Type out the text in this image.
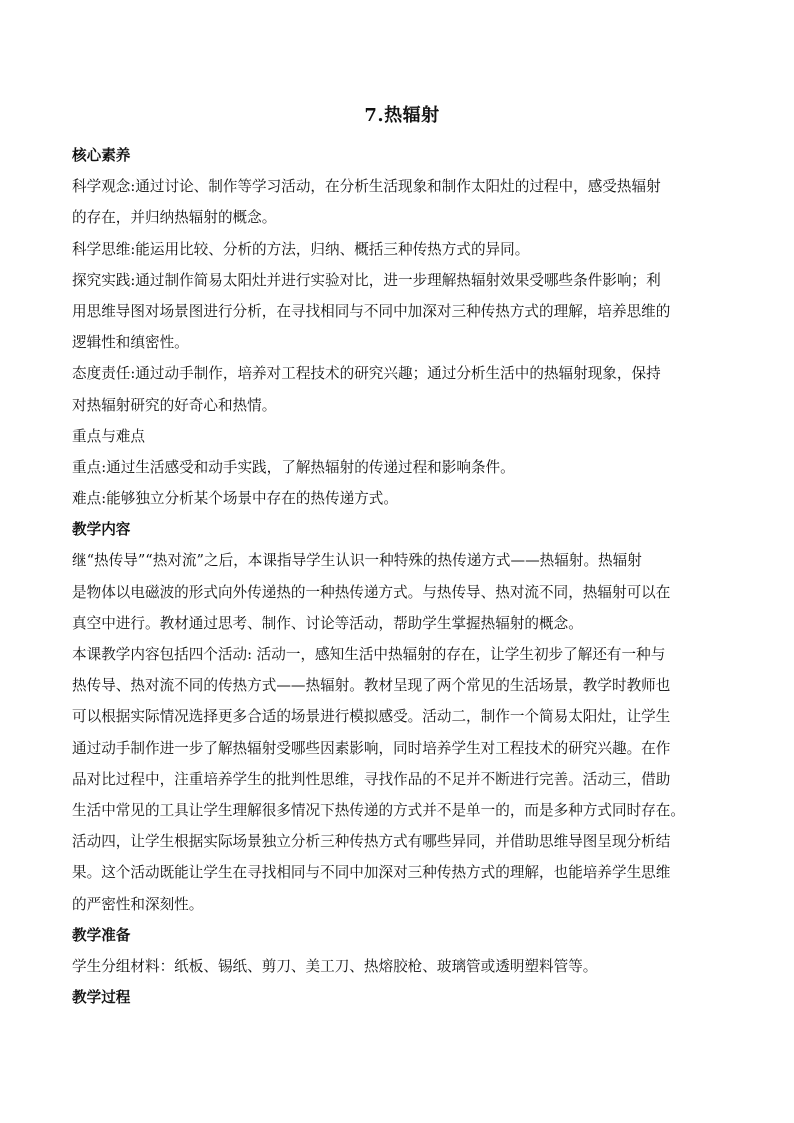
7.热辐射
核心素养
科学观念:通过讨论、制作等学习活动，在分析生活现象和制作太阳灶的过程中，感受热辐射
的存在，并归纳热辐射的概念。
科学思维:能运用比较、分析的方法，归纳、概括三种传热方式的异同。
探究实践:通过制作简易太阳灶并进行实验对比，进一步理解热辐射效果受哪些条件影响；利
用思维导图对场景图进行分析，在寻找相同与不同中加深对三种传热方式的理解，培养思维的
逻辑性和缜密性。
态度责任:通过动手制作，培养对工程技术的研究兴趣；通过分析生活中的热辐射现象，保持
对热辐射研究的好奇心和热情。
重点与难点
重点:通过生活感受和动手实践，了解热辐射的传递过程和影响条件。
难点:能够独立分析某个场景中存在的热传递方式。
教学内容
继“热传导”“热对流”之后，本课指导学生认识一种特殊的热传递方式——热辐射。热辐射
是物体以电磁波的形式向外传递热的一种热传递方式。与热传导、热对流不同，热辐射可以在
真空中进行。教材通过思考、制作、讨论等活动，帮助学生掌握热辐射的概念。
本课教学内容包括四个活动: 活动一，感知生活中热辐射的存在，让学生初步了解还有一种与
热传导、热对流不同的传热方式——热辐射。教材呈现了两个常见的生活场景，教学时教师也
可以根据实际情况选择更多合适的场景进行模拟感受。活动二，制作一个简易太阳灶，让学生
通过动手制作进一步了解热辐射受哪些因素影响，同时培养学生对工程技术的研究兴趣。在作
品对比过程中，注重培养学生的批判性思维，寻找作品的不足并不断进行完善。活动三，借助
生活中常见的工具让学生理解很多情况下热传递的方式并不是单一的，而是多种方式同时存在。
活动四，让学生根据实际场景独立分析三种传热方式有哪些异同，并借助思维导图呈现分析结
果。这个活动既能让学生在寻找相同与不同中加深对三种传热方式的理解，也能培养学生思维
的严密性和深刻性。
教学准备
学生分组材料：纸板、锡纸、剪刀、美工刀、热熔胶枪、玻璃管或透明塑料管等。
教学过程
